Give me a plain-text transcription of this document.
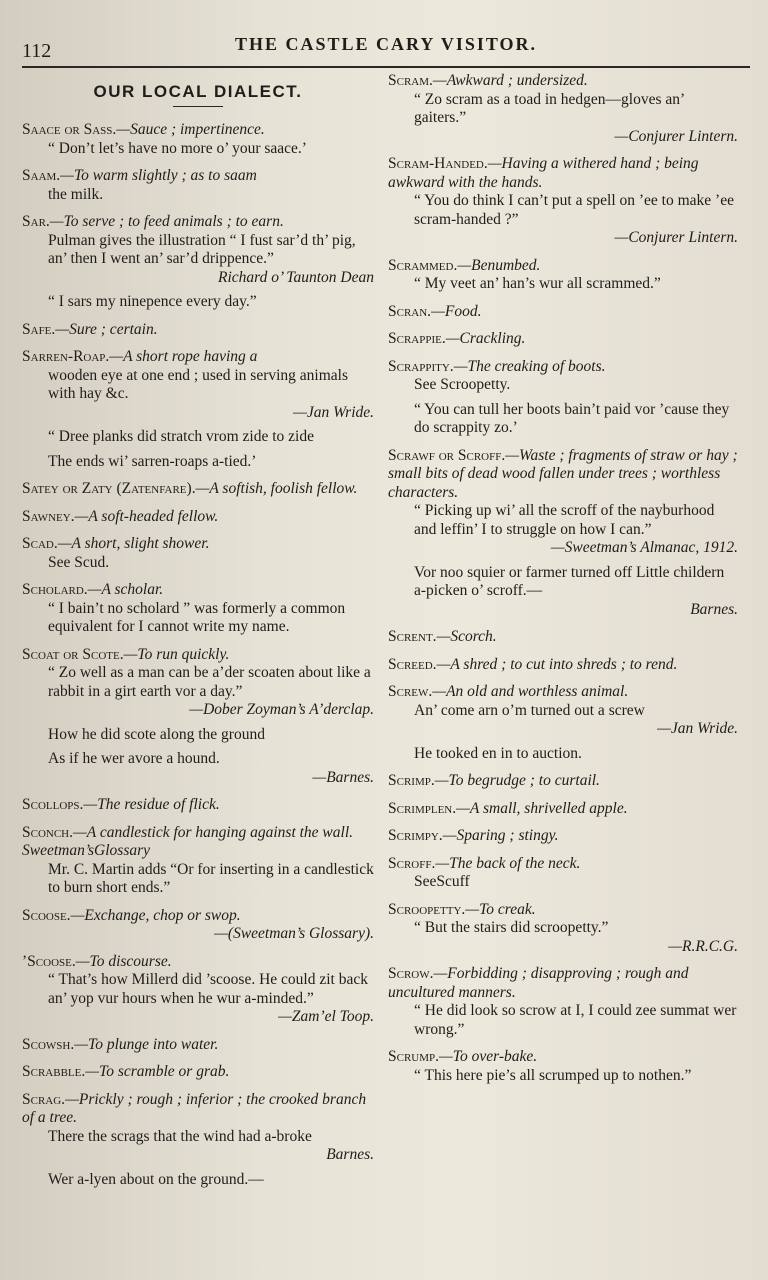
112	THE CASTLE CARY VISITOR.
OUR LOCAL DIALECT.
Saace or Sass.—Sauce ; impertinence.
“ Don’t let’s have no more o’ your saace.’
Saam.—To warm slightly ; as to saam
the milk.
Sar.—To serve ; to feed animals ; to earn.
Pulman gives the illustration “ I fust sar’d th’ pig, an’ then I went an’ sar’d drippence.”
Richard o’ Taunton Dean
“ I sars my ninepence every day.”
Safe.—Sure ; certain.
Sarren-Roap.—A short rope having a
wooden eye at one end ; used in serving animals with hay &c.
—Jan Wride.
“ Dree planks did stratch vrom zide to zide
The ends wi’ sarren-roaps a-tied.’
Satey or Zaty (Zatenfare).—A softish, foolish fellow.
Sawney.—A soft-headed fellow.
Scad.—A short, slight shower.
See Scud.
Scholard.—A scholar.
“ I bain’t no scholard ” was formerly a common equivalent for I cannot write my name.
Scoat or Scote.—To run quickly.
“ Zo well as a man can be a’der scoaten about like a rabbit in a girt earth vor a day.”
—Dober Zoyman’s A’derclap.
How he did scote along the ground
As if he wer avore a hound.
—Barnes.
Scollops.—The residue of flick.
Sconch.—A candlestick for hanging against the wall. Sweetman’sGlossary
Mr. C. Martin adds “Or for inserting in a candlestick to burn short ends.”
Scoose.—Exchange, chop or swop.
—(Sweetman’s Glossary).
’Scoose.—To discourse.
“ That’s how Millerd did ’scoose. He could zit back an’ yop vur hours when he wur a-minded.”
—Zam’el Toop.
Scowsh.—To plunge into water.
Scrabble.—To scramble or grab.
Scrag.—Prickly ; rough ; inferior ; the crooked branch of a tree.
There the scrags that the wind had a-broke
Barnes.
Wer a-lyen about on the ground.—
Scram.—Awkward ; undersized.
“ Zo scram as a toad in hedgen—gloves an’ gaiters.”
—Conjurer Lintern.
Scram-Handed.—Having a withered hand ; being awkward with the hands.
“ You do think I can’t put a spell on ’ee to make ’ee scram-handed ?”
—Conjurer Lintern.
Scrammed.—Benumbed.
“ My veet an’ han’s wur all scrammed.”
Scran.—Food.
Scrappie.—Crackling.
Scrappity.—The creaking of boots.
See Scroopetty.
“ You can tull her boots bain’t paid vor ’cause they do scrappity zo.’
Scrawf or Scroff.—Waste ; fragments of straw or hay ; small bits of dead wood fallen under trees ; worthless characters.
“ Picking up wi’ all the scroff of the nayburhood and leffin’ I to struggle on how I can.”
—Sweetman’s Almanac, 1912.
Vor noo squier or farmer turned off Little childern a-picken o’ scroff.—
Barnes.
Scrent.—Scorch.
Screed.—A shred ; to cut into shreds ; to rend.
Screw.—An old and worthless animal.
An’ come arn o’m turned out a screw
—Jan Wride.
He tooked en in to auction.
Scrimp.—To begrudge ; to curtail.
Scrimplen.—A small, shrivelled apple.
Scrimpy.—Sparing ; stingy.
Scroff.—The back of the neck.
SeeScuff
Scroopetty.—To creak.
“ But the stairs did scroopetty.”
—R.R.C.G.
Scrow.—Forbidding ; disapproving ; rough and uncultured manners.
“ He did look so scrow at I, I could zee summat wer wrong.”
Scrump.—To over-bake.
“ This here pie’s all scrumped up to nothen.”
